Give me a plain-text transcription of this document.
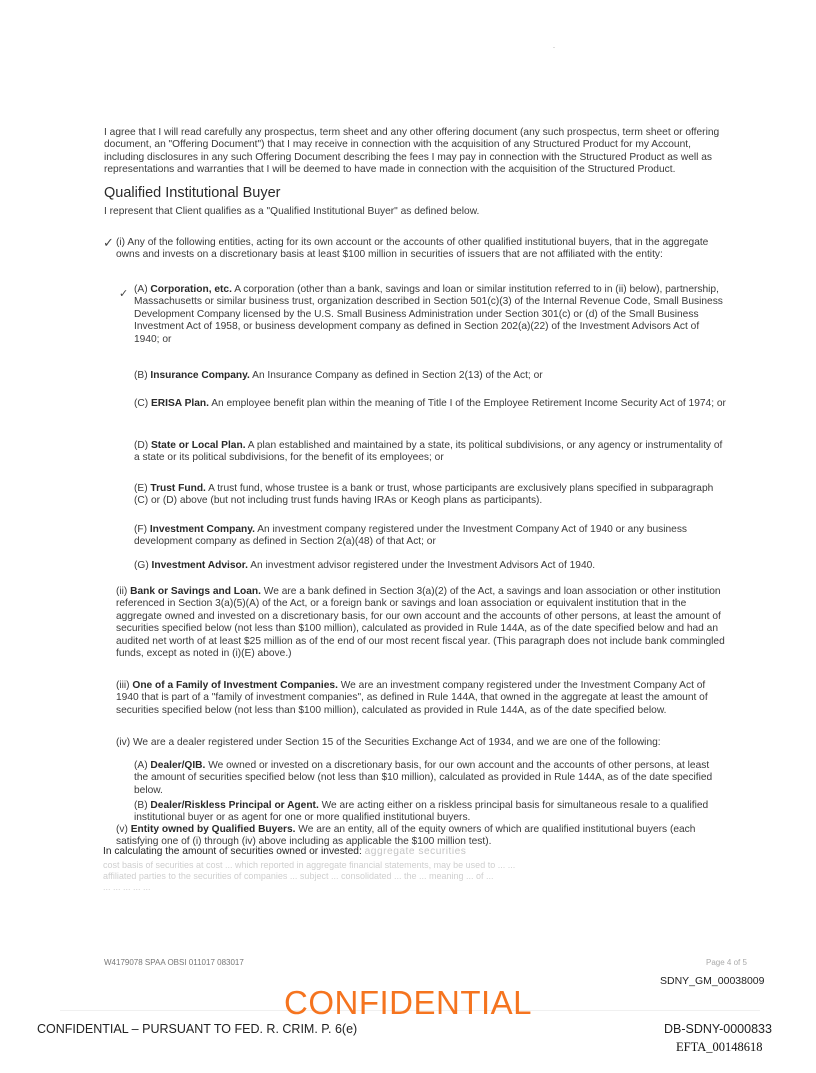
I agree that I will read carefully any prospectus, term sheet and any other offering document (any such prospectus, term sheet or offering document, an "Offering Document") that I may receive in connection with the acquisition of any Structured Product for my Account, including disclosures in any such Offering Document describing the fees I may pay in connection with the Structured Product as well as representations and warranties that I will be deemed to have made in connection with the acquisition of the Structured Product.
Qualified Institutional Buyer
I represent that Client qualifies as a "Qualified Institutional Buyer" as defined below.
✓ (i) Any of the following entities, acting for its own account or the accounts of other qualified institutional buyers, that in the aggregate owns and invests on a discretionary basis at least $100 million in securities of issuers that are not affiliated with the entity:
✓ (A) Corporation, etc. A corporation (other than a bank, savings and loan or similar institution referred to in (ii) below), partnership, Massachusetts or similar business trust, organization described in Section 501(c)(3) of the Internal Revenue Code, Small Business Development Company licensed by the U.S. Small Business Administration under Section 301(c) or (d) of the Small Business Investment Act of 1958, or business development company as defined in Section 202(a)(22) of the Investment Advisors Act of 1940; or
(B) Insurance Company. An Insurance Company as defined in Section 2(13) of the Act; or
(C) ERISA Plan. An employee benefit plan within the meaning of Title I of the Employee Retirement Income Security Act of 1974; or
(D) State or Local Plan. A plan established and maintained by a state, its political subdivisions, or any agency or instrumentality of a state or its political subdivisions, for the benefit of its employees; or
(E) Trust Fund. A trust fund, whose trustee is a bank or trust, whose participants are exclusively plans specified in subparagraph (C) or (D) above (but not including trust funds having IRAs or Keogh plans as participants).
(F) Investment Company. An investment company registered under the Investment Company Act of 1940 or any business development company as defined in Section 2(a)(48) of that Act; or
(G) Investment Advisor. An investment advisor registered under the Investment Advisors Act of 1940.
(ii) Bank or Savings and Loan. We are a bank defined in Section 3(a)(2) of the Act, a savings and loan association or other institution referenced in Section 3(a)(5)(A) of the Act, or a foreign bank or savings and loan association or equivalent institution that in the aggregate owned and invested on a discretionary basis, for our own account and the accounts of other persons, at least the amount of securities specified below (not less than $100 million), calculated as provided in Rule 144A, as of the date specified below and had an audited net worth of at least $25 million as of the end of our most recent fiscal year. (This paragraph does not include bank commingled funds, except as noted in (i)(E) above.)
(iii) One of a Family of Investment Companies. We are an investment company registered under the Investment Company Act of 1940 that is part of a "family of investment companies", as defined in Rule 144A, that owned in the aggregate at least the amount of securities specified below (not less than $100 million), calculated as provided in Rule 144A, as of the date specified below.
(iv) We are a dealer registered under Section 15 of the Securities Exchange Act of 1934, and we are one of the following:
(A) Dealer/QIB. We owned or invested on a discretionary basis, for our own account and the accounts of other persons, at least the amount of securities specified below (not less than $10 million), calculated as provided in Rule 144A, as of the date specified below.
(B) Dealer/Riskless Principal or Agent. We are acting either on a riskless principal basis for simultaneous resale to a qualified institutional buyer or as agent for one or more qualified institutional buyers.
(v) Entity owned by Qualified Buyers. We are an entity, all of the equity owners of which are qualified institutional buyers (each satisfying one of (i) through (iv) above including as applicable the $100 million test).
In calculating the amount of securities owned or invested: aggregate securities
cost basis of securities at cost ... which reported in aggregate financial statements, may be used to ... ...
affiliated parties to the securities of companies ... subject ... consolidated ... the ... meaning ... of ...
... ... ... ... ...
W4179078 SPAA OBSI 011017 083017	Page 4 of 5
SDNY_GM_00038009
CONFIDENTIAL
CONFIDENTIAL – PURSUANT TO FED. R. CRIM. P. 6(e)	DB-SDNY-0000833
EFTA_00148618
